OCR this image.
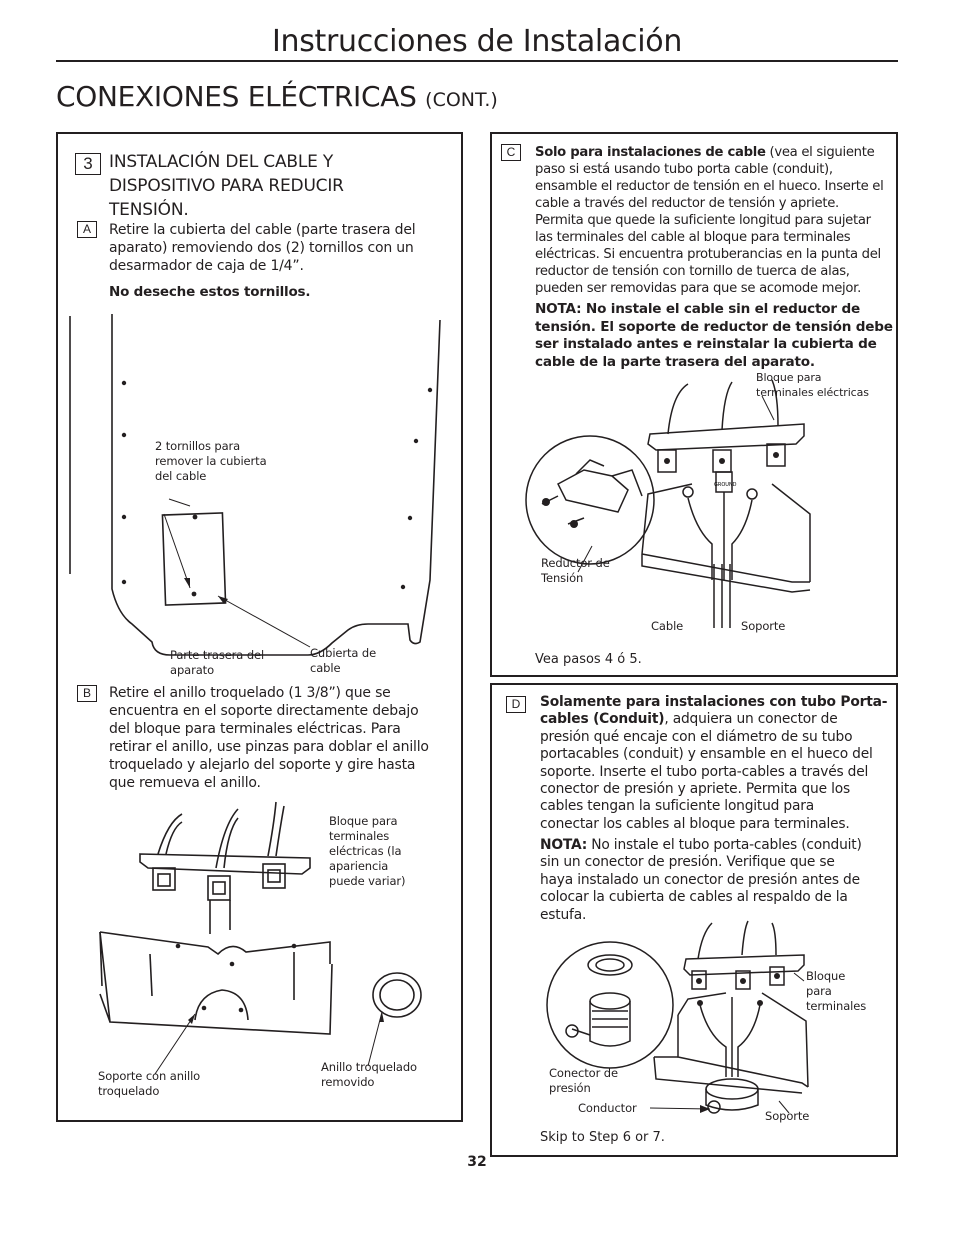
Instrucciones de Instalación
CONEXIONES ELÉCTRICAS (CONT.)
3 INSTALACIÓN DEL CABLE Y
DISPOSITIVO PARA REDUCIR
TENSIÓN.
A	Retire la cubierta del cable (parte trasera del
aparato) removiendo dos (2) tornillos con un
desarmador de caja de 1/4”.
No deseche estos tornillos.
2 tornillos para
remover la cubierta
del cable
Parte trasera del
aparato
Cubierta de
cable
B	Retire el anillo troquelado (1 3/8”) que se
encuentra en el soporte directamente debajo
del bloque para terminales eléctricas. Para
retirar el anillo, use pinzas para doblar el anillo
troquelado y alejarlo del soporte y gire hasta
que remueva el anillo.
Bloque para
terminales
eléctricas (la
apariencia
puede variar)
Soporte con anillo
troquelado
Anillo troquelado
removido
C	Solo para instalaciones de cable (vea el siguiente
paso si está usando tubo porta cable (conduit),
ensamble el reductor de tensión en el hueco. Inserte el
cable a través del reductor de tensión y apriete.
Permita que quede la suficiente longitud para sujetar
las terminales del cable al bloque para terminales
eléctricas. Si encuentra protuberancias en la punta del
reductor de tensión con tornillo de tuerca de alas,
pueden ser removidas para que se acomode mejor.
NOTA: No instale el cable sin el reductor de
tensión. El soporte de reductor de tensión debe
ser instalado antes e reinstalar la cubierta de
cable de la parte trasera del aparato.
GROUND
Bloque para
terminales eléctricas
Reductor de
Tensión
Cable	Soporte
Vea pasos 4 ó 5.
D	Solamente para instalaciones con tubo Porta-
cables (Conduit), adquiera un conector de
presión qué encaje con el diámetro de su tubo
portacables (conduit) y ensamble en el hueco del
soporte. Inserte el tubo porta-cables a través del
conector de presión y apriete. Permita que los
cables tengan la suficiente longitud para
conectar los cables al bloque para terminales.
NOTA: No instale el tubo porta-cables (conduit)
sin un conector de presión. Verifique que se
haya instalado un conector de presión antes de
colocar la cubierta de cables al respaldo de la
estufa.
Bloque
para
terminales
Conector de
presión
Conductor
Soporte
Skip to Step 6 or 7.
32
